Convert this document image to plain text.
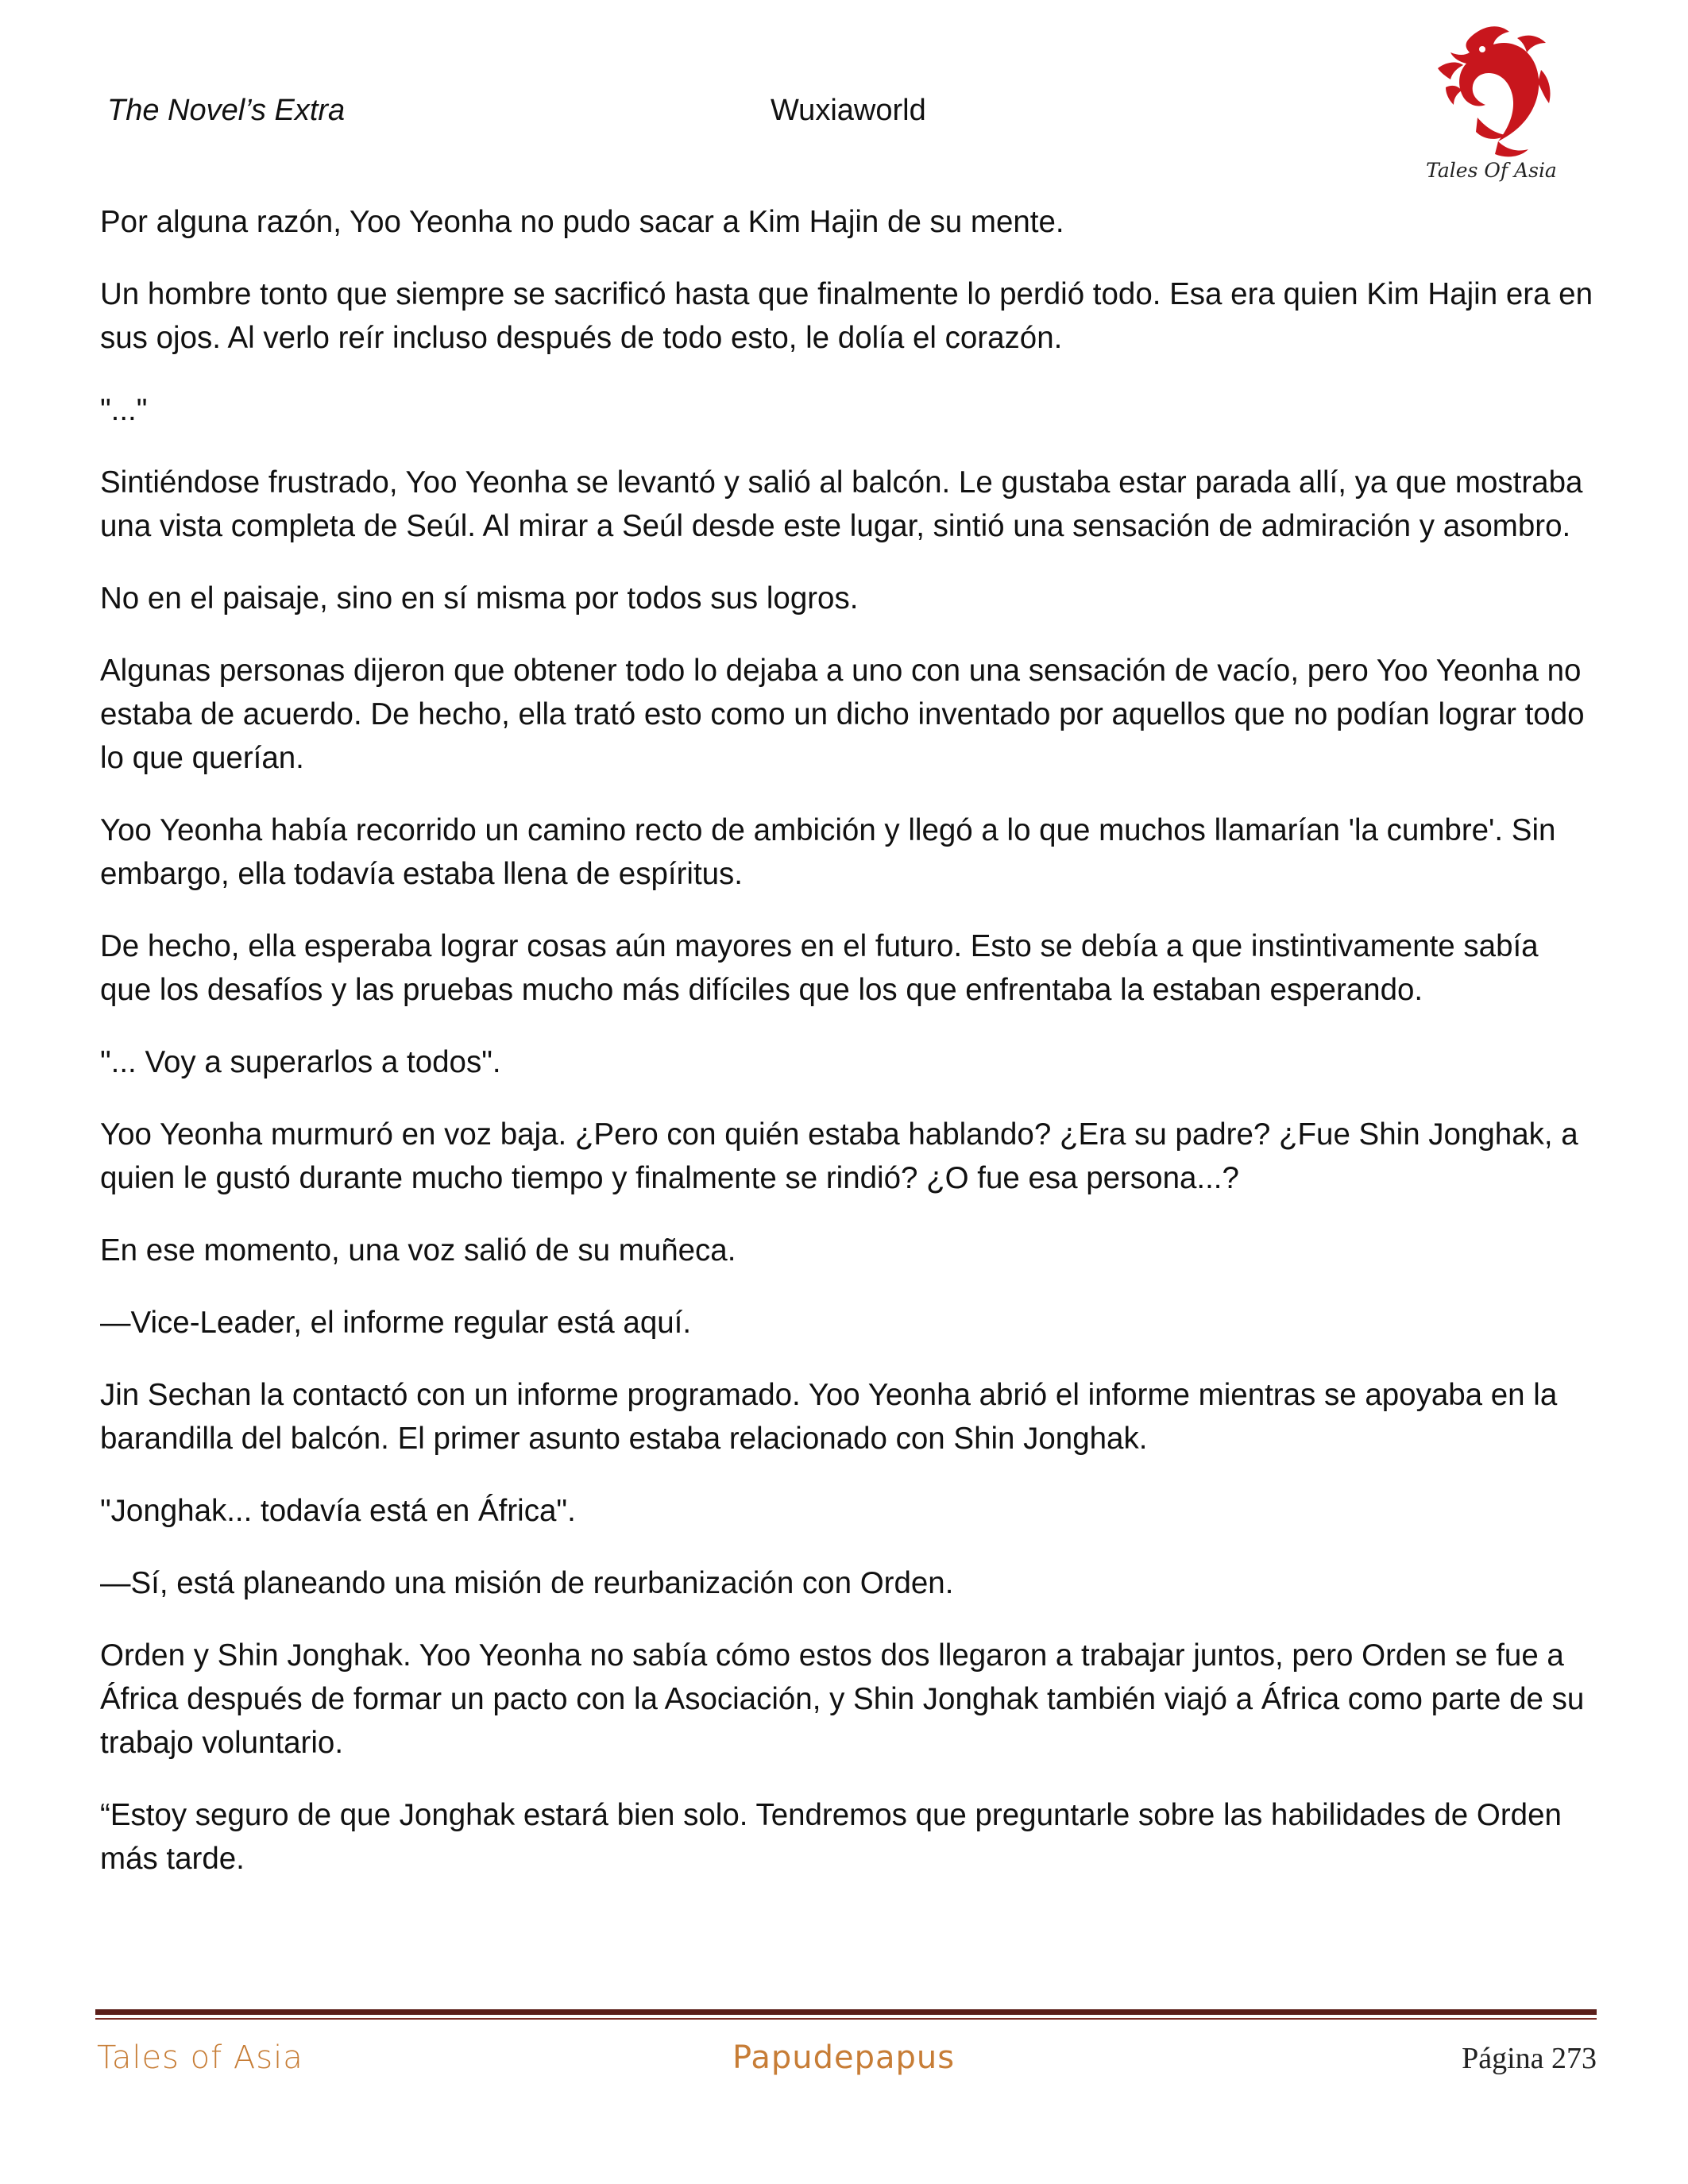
The Novel’s Extra	Wuxiaworld
Tales Of Asia

Por alguna razón, Yoo Yeonha no pudo sacar a Kim Hajin de su mente.

Un hombre tonto que siempre se sacrificó hasta que finalmente lo perdió todo. Esa era quien Kim Hajin era en sus ojos. Al verlo reír incluso después de todo esto, le dolía el corazón.

"..."

Sintiéndose frustrado, Yoo Yeonha se levantó y salió al balcón. Le gustaba estar parada allí, ya que mostraba una vista completa de Seúl. Al mirar a Seúl desde este lugar, sintió una sensación de admiración y asombro.

No en el paisaje, sino en sí misma por todos sus logros.

Algunas personas dijeron que obtener todo lo dejaba a uno con una sensación de vacío, pero Yoo Yeonha no estaba de acuerdo. De hecho, ella trató esto como un dicho inventado por aquellos que no podían lograr todo lo que querían.

Yoo Yeonha había recorrido un camino recto de ambición y llegó a lo que muchos llamarían 'la cumbre'. Sin embargo, ella todavía estaba llena de espíritus.

De hecho, ella esperaba lograr cosas aún mayores en el futuro. Esto se debía a que instintivamente sabía que los desafíos y las pruebas mucho más difíciles que los que enfrentaba la estaban esperando.

"... Voy a superarlos a todos".

Yoo Yeonha murmuró en voz baja. ¿Pero con quién estaba hablando? ¿Era su padre? ¿Fue Shin Jonghak, a quien le gustó durante mucho tiempo y finalmente se rindió? ¿O fue esa persona...?

En ese momento, una voz salió de su muñeca.

—Vice-Leader, el informe regular está aquí.

Jin Sechan la contactó con un informe programado. Yoo Yeonha abrió el informe mientras se apoyaba en la barandilla del balcón. El primer asunto estaba relacionado con Shin Jonghak.

"Jonghak... todavía está en África".

—Sí, está planeando una misión de reurbanización con Orden.

Orden y Shin Jonghak. Yoo Yeonha no sabía cómo estos dos llegaron a trabajar juntos, pero Orden se fue a África después de formar un pacto con la Asociación, y Shin Jonghak también viajó a África como parte de su trabajo voluntario.

“Estoy seguro de que Jonghak estará bien solo. Tendremos que preguntarle sobre las habilidades de Orden más tarde.

Tales of Asia	Papudepapus	Página 273
